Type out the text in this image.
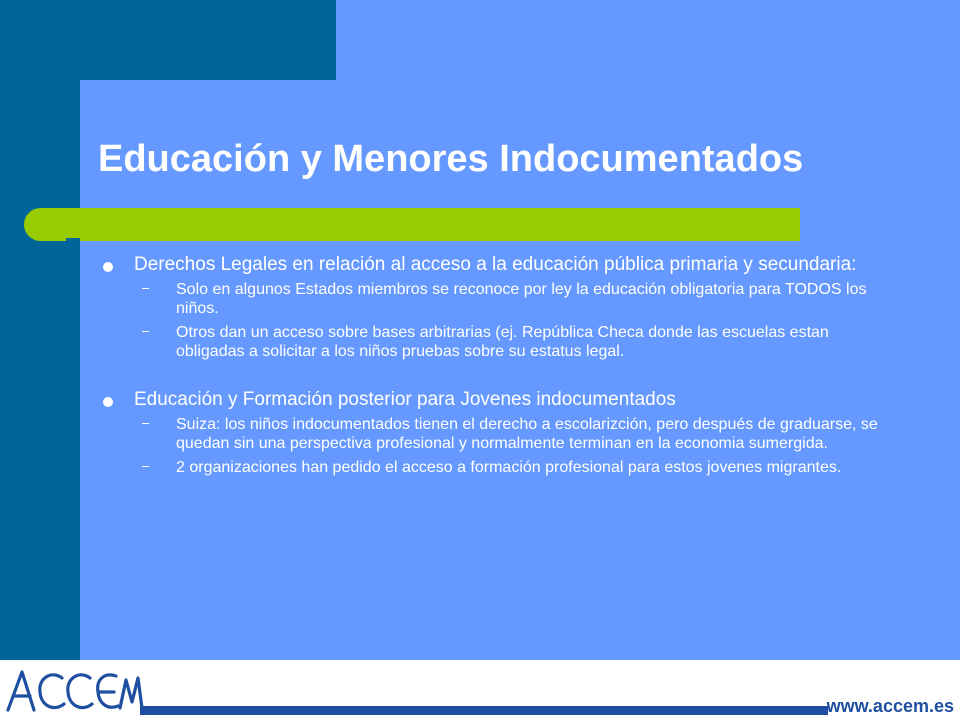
Educación y Menores Indocumentados
Derechos Legales en relación al acceso a la educación pública primaria y secundaria:
Solo en algunos Estados miembros se reconoce por ley la educación obligatoria para TODOS los niños.
Otros dan un acceso sobre bases arbitrarias (ej. República Checa donde las escuelas estan obligadas a solicitar a los niños pruebas sobre su estatus legal.
Educación y Formación posterior para Jovenes indocumentados
Suiza: los niños indocumentados tienen el derecho a escolarizción, pero después de graduarse, se quedan sin una perspectiva profesional y normalmente terminan en la economia sumergida.
2 organizaciones han pedido el acceso a formación profesional para estos jovenes migrantes.
www.accem.es
